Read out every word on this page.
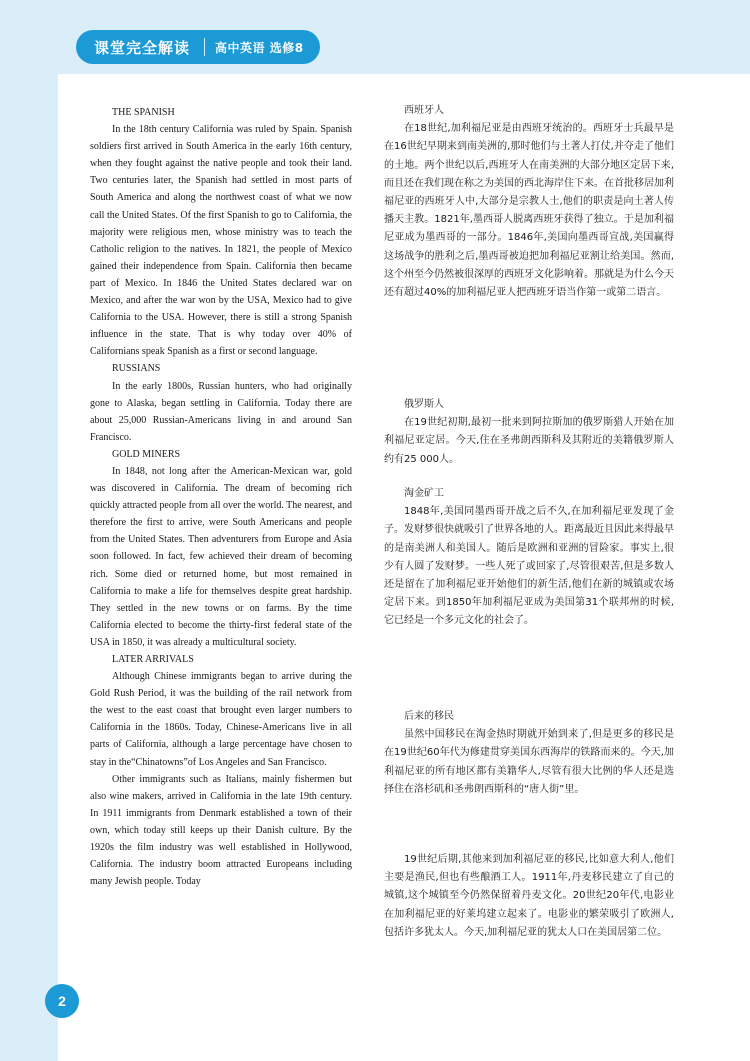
课堂完全解读	高中英语 选修8

THE SPANISH

In the 18th century California was ruled by Spain. Spanish soldiers first arrived in South America in the early 16th century, when they fought against the native people and took their land. Two centuries later, the Spanish had settled in most parts of South America and along the northwest coast of what we now call the United States. Of the first Spanish to go to California, the majority were religious men, whose ministry was to teach the Catholic religion to the natives. In 1821, the people of Mexico gained their independence from Spain. California then became part of Mexico. In 1846 the United States declared war on Mexico, and after the war won by the USA, Mexico had to give California to the USA. However, there is still a strong Spanish influence in the state. That is why today over 40% of Californians speak Spanish as a first or second language.

RUSSIANS

In the early 1800s, Russian hunters, who had originally gone to Alaska, began settling in California. Today there are about 25,000 Russian-Americans living in and around San Francisco.

GOLD MINERS

In 1848, not long after the American-Mexican war, gold was discovered in California. The dream of becoming rich quickly attracted people from all over the world. The nearest, and therefore the first to arrive, were South Americans and people from the United States. Then adventurers from Europe and Asia soon followed. In fact, few achieved their dream of becoming rich. Some died or returned home, but most remained in California to make a life for themselves despite great hardship. They settled in the new towns or on farms. By the time California elected to become the thirty-first federal state of the USA in 1850, it was already a multicultural society.

LATER ARRIVALS

Although Chinese immigrants began to arrive during the Gold Rush Period, it was the building of the rail network from the west to the east coast that brought even larger numbers to California in the 1860s. Today, Chinese-Americans live in all parts of California, although a large percentage have chosen to stay in the“Chinatowns”of Los Angeles and San Francisco.

Other immigrants such as Italians, mainly fishermen but also wine makers, arrived in California in the late 19th century. In 1911 immigrants from Denmark established a town of their own, which today still keeps up their Danish culture. By the 1920s the film industry was well established in Hollywood, California. The industry boom attracted Europeans including many Jewish people. Today

西班牙人

在18世纪,加利福尼亚是由西班牙统治的。西班牙士兵最早是在16世纪早期来到南美洲的,那时他们与土著人打仗,并夺走了他们的土地。两个世纪以后,西班牙人在南美洲的大部分地区定居下来,而且还在我们现在称之为美国的西北海岸住下来。在首批移居加利福尼亚的西班牙人中,大部分是宗教人士,他们的职责是向土著人传播天主教。1821年,墨西哥人脱离西班牙获得了独立。于是加利福尼亚成为墨西哥的一部分。1846年,美国向墨西哥宣战,美国赢得这场战争的胜利之后,墨西哥被迫把加利福尼亚割让给美国。然而,这个州至今仍然被很深厚的西班牙文化影响着。那就是为什么今天还有超过40%的加利福尼亚人把西班牙语当作第一或第二语言。

俄罗斯人

在19世纪初期,最初一批来到阿拉斯加的俄罗斯猎人开始在加利福尼亚定居。今天,住在圣弗朗西斯科及其附近的美籍俄罗斯人约有25 000人。

淘金矿工

1848年,美国同墨西哥开战之后不久,在加利福尼亚发现了金子。发财梦很快就吸引了世界各地的人。距离最近且因此来得最早的是南美洲人和美国人。随后是欧洲和亚洲的冒险家。事实上,很少有人圆了发财梦。一些人死了或回家了,尽管很艰苦,但是多数人还是留在了加利福尼亚开始他们的新生活,他们在新的城镇或农场定居下来。到1850年加利福尼亚成为美国第31个联邦州的时候,它已经是一个多元文化的社会了。

后来的移民

虽然中国移民在淘金热时期就开始到来了,但是更多的移民是在19世纪60年代为修建贯穿美国东西海岸的铁路而来的。今天,加利福尼亚的所有地区都有美籍华人,尽管有很大比例的华人还是选择住在洛杉矶和圣弗朗西斯科的“唐人街”里。

19世纪后期,其他来到加利福尼亚的移民,比如意大利人,他们主要是渔民,但也有些酿酒工人。1911年,丹麦移民建立了自己的城镇,这个城镇至今仍然保留着丹麦文化。20世纪20年代,电影业在加利福尼亚的好莱坞建立起来了。电影业的繁荣吸引了欧洲人,包括许多犹太人。今天,加利福尼亚的犹太人口在美国居第二位。

2
